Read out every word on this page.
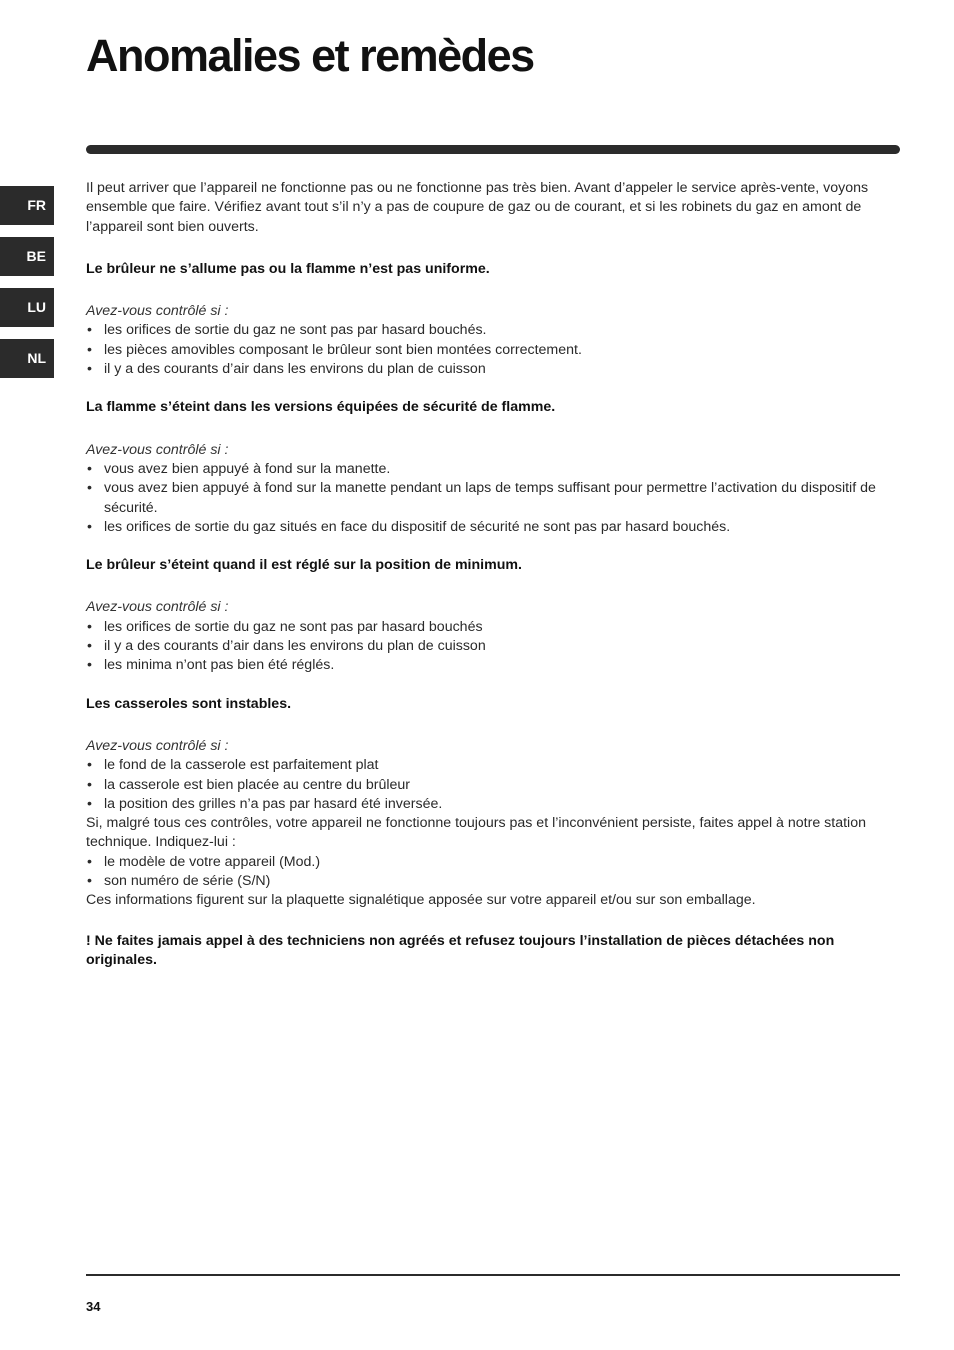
Anomalies et remèdes
FR
BE
LU
NL

Il peut arriver que l’appareil ne fonctionne pas ou ne fonctionne pas très bien. Avant d’appeler le service après-vente, voyons ensemble que faire. Vérifiez avant tout s’il n’y a pas de coupure de gaz ou de courant, et si les robinets du gaz en amont de l’appareil sont bien ouverts.

Le brûleur ne s’allume pas ou la flamme n’est pas uniforme.

Avez-vous contrôlé si :

• les orifices de sortie du gaz ne sont pas par hasard bouchés.
• les pièces amovibles composant le brûleur sont bien montées correctement.
• il y a des courants d’air dans les environs du plan de cuisson

La flamme s’éteint dans les versions équipées de sécurité de flamme.

Avez-vous contrôlé si :

• vous avez bien appuyé à fond sur la manette.
• vous avez bien appuyé à fond sur la manette pendant un laps de temps suffisant pour permettre l’activation du dispositif de sécurité.
• les orifices de sortie du gaz situés en face du dispositif de sécurité ne sont pas par hasard bouchés.

Le brûleur s’éteint quand il est réglé sur la position de minimum.

Avez-vous contrôlé si :

• les orifices de sortie du gaz ne sont pas par hasard bouchés
• il y a des courants d’air dans les environs du plan de cuisson
• les minima n’ont pas bien été réglés.

Les casseroles sont instables.

Avez-vous contrôlé si :

• le fond de la casserole est parfaitement plat
• la casserole est bien placée au centre du brûleur
• la position des grilles n’a pas par hasard été inversée.

Si, malgré tous ces contrôles, votre appareil ne fonctionne toujours pas et l’inconvénient persiste, faites appel à notre station technique. Indiquez-lui :

• le modèle de votre appareil (Mod.)
• son numéro de série (S/N)

Ces informations figurent sur la plaquette signalétique apposée sur votre appareil et/ou sur son emballage.

! Ne faites jamais appel à des techniciens non agréés et refusez toujours l’installation de pièces détachées non originales.

34
